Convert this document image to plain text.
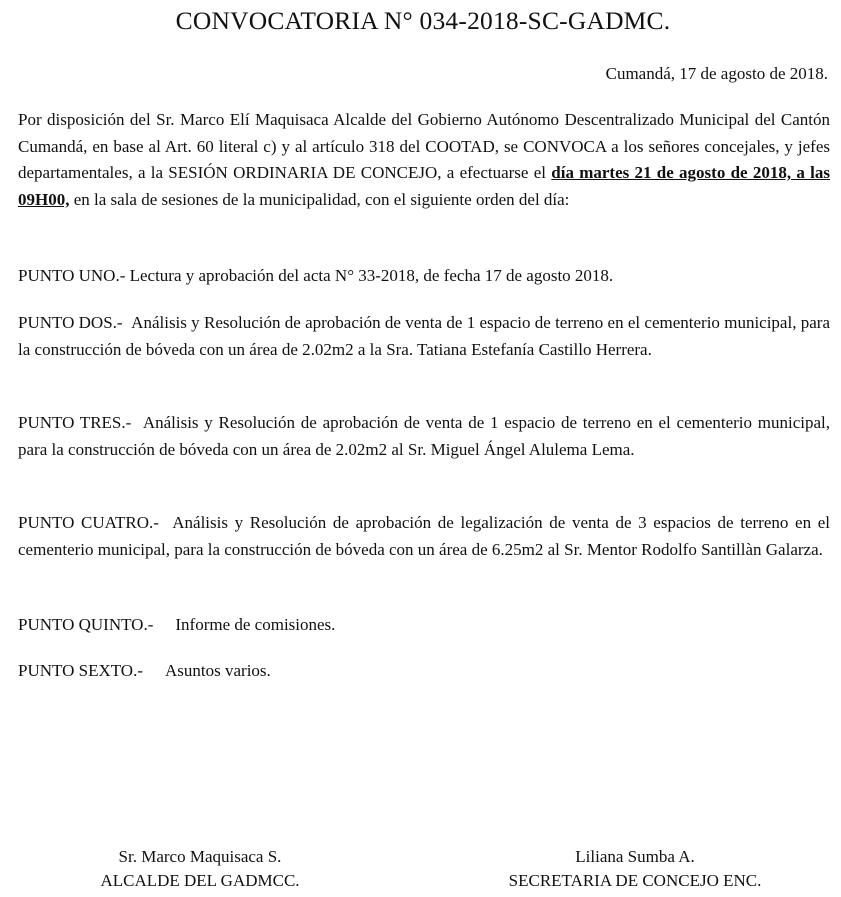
CONVOCATORIA N° 034-2018-SC-GADMC.
Cumandá, 17 de agosto de 2018.
Por disposición del Sr. Marco Elí Maquisaca Alcalde del Gobierno Autónomo Descentralizado Municipal del Cantón Cumandá, en base al Art. 60 literal c) y al artículo 318 del COOTAD, se CONVOCA a los señores concejales, y jefes departamentales, a la SESIÓN ORDINARIA DE CONCEJO, a efectuarse el día martes 21 de agosto de 2018, a las 09H00, en la sala de sesiones de la municipalidad, con el siguiente orden del día:
PUNTO UNO.- Lectura y aprobación del acta N° 33-2018, de fecha 17 de agosto 2018.
PUNTO DOS.- Análisis y Resolución de aprobación de venta de 1 espacio de terreno en el cementerio municipal, para la construcción de bóveda con un área de 2.02m2 a la Sra. Tatiana Estefanía Castillo Herrera.
PUNTO TRES.- Análisis y Resolución de aprobación de venta de 1 espacio de terreno en el cementerio municipal, para la construcción de bóveda con un área de 2.02m2 al Sr. Miguel Ángel Alulema Lema.
PUNTO CUATRO.- Análisis y Resolución de aprobación de legalización de venta de 3 espacios de terreno en el cementerio municipal, para la construcción de bóveda con un área de 6.25m2 al Sr. Mentor Rodolfo Santillàn Galarza.
PUNTO QUINTO.- Informe de comisiones.
PUNTO SEXTO.- Asuntos varios.
Sr. Marco Maquisaca S.
ALCALDE DEL GADMCC.
Liliana Sumba A.
SECRETARIA DE CONCEJO ENC.
